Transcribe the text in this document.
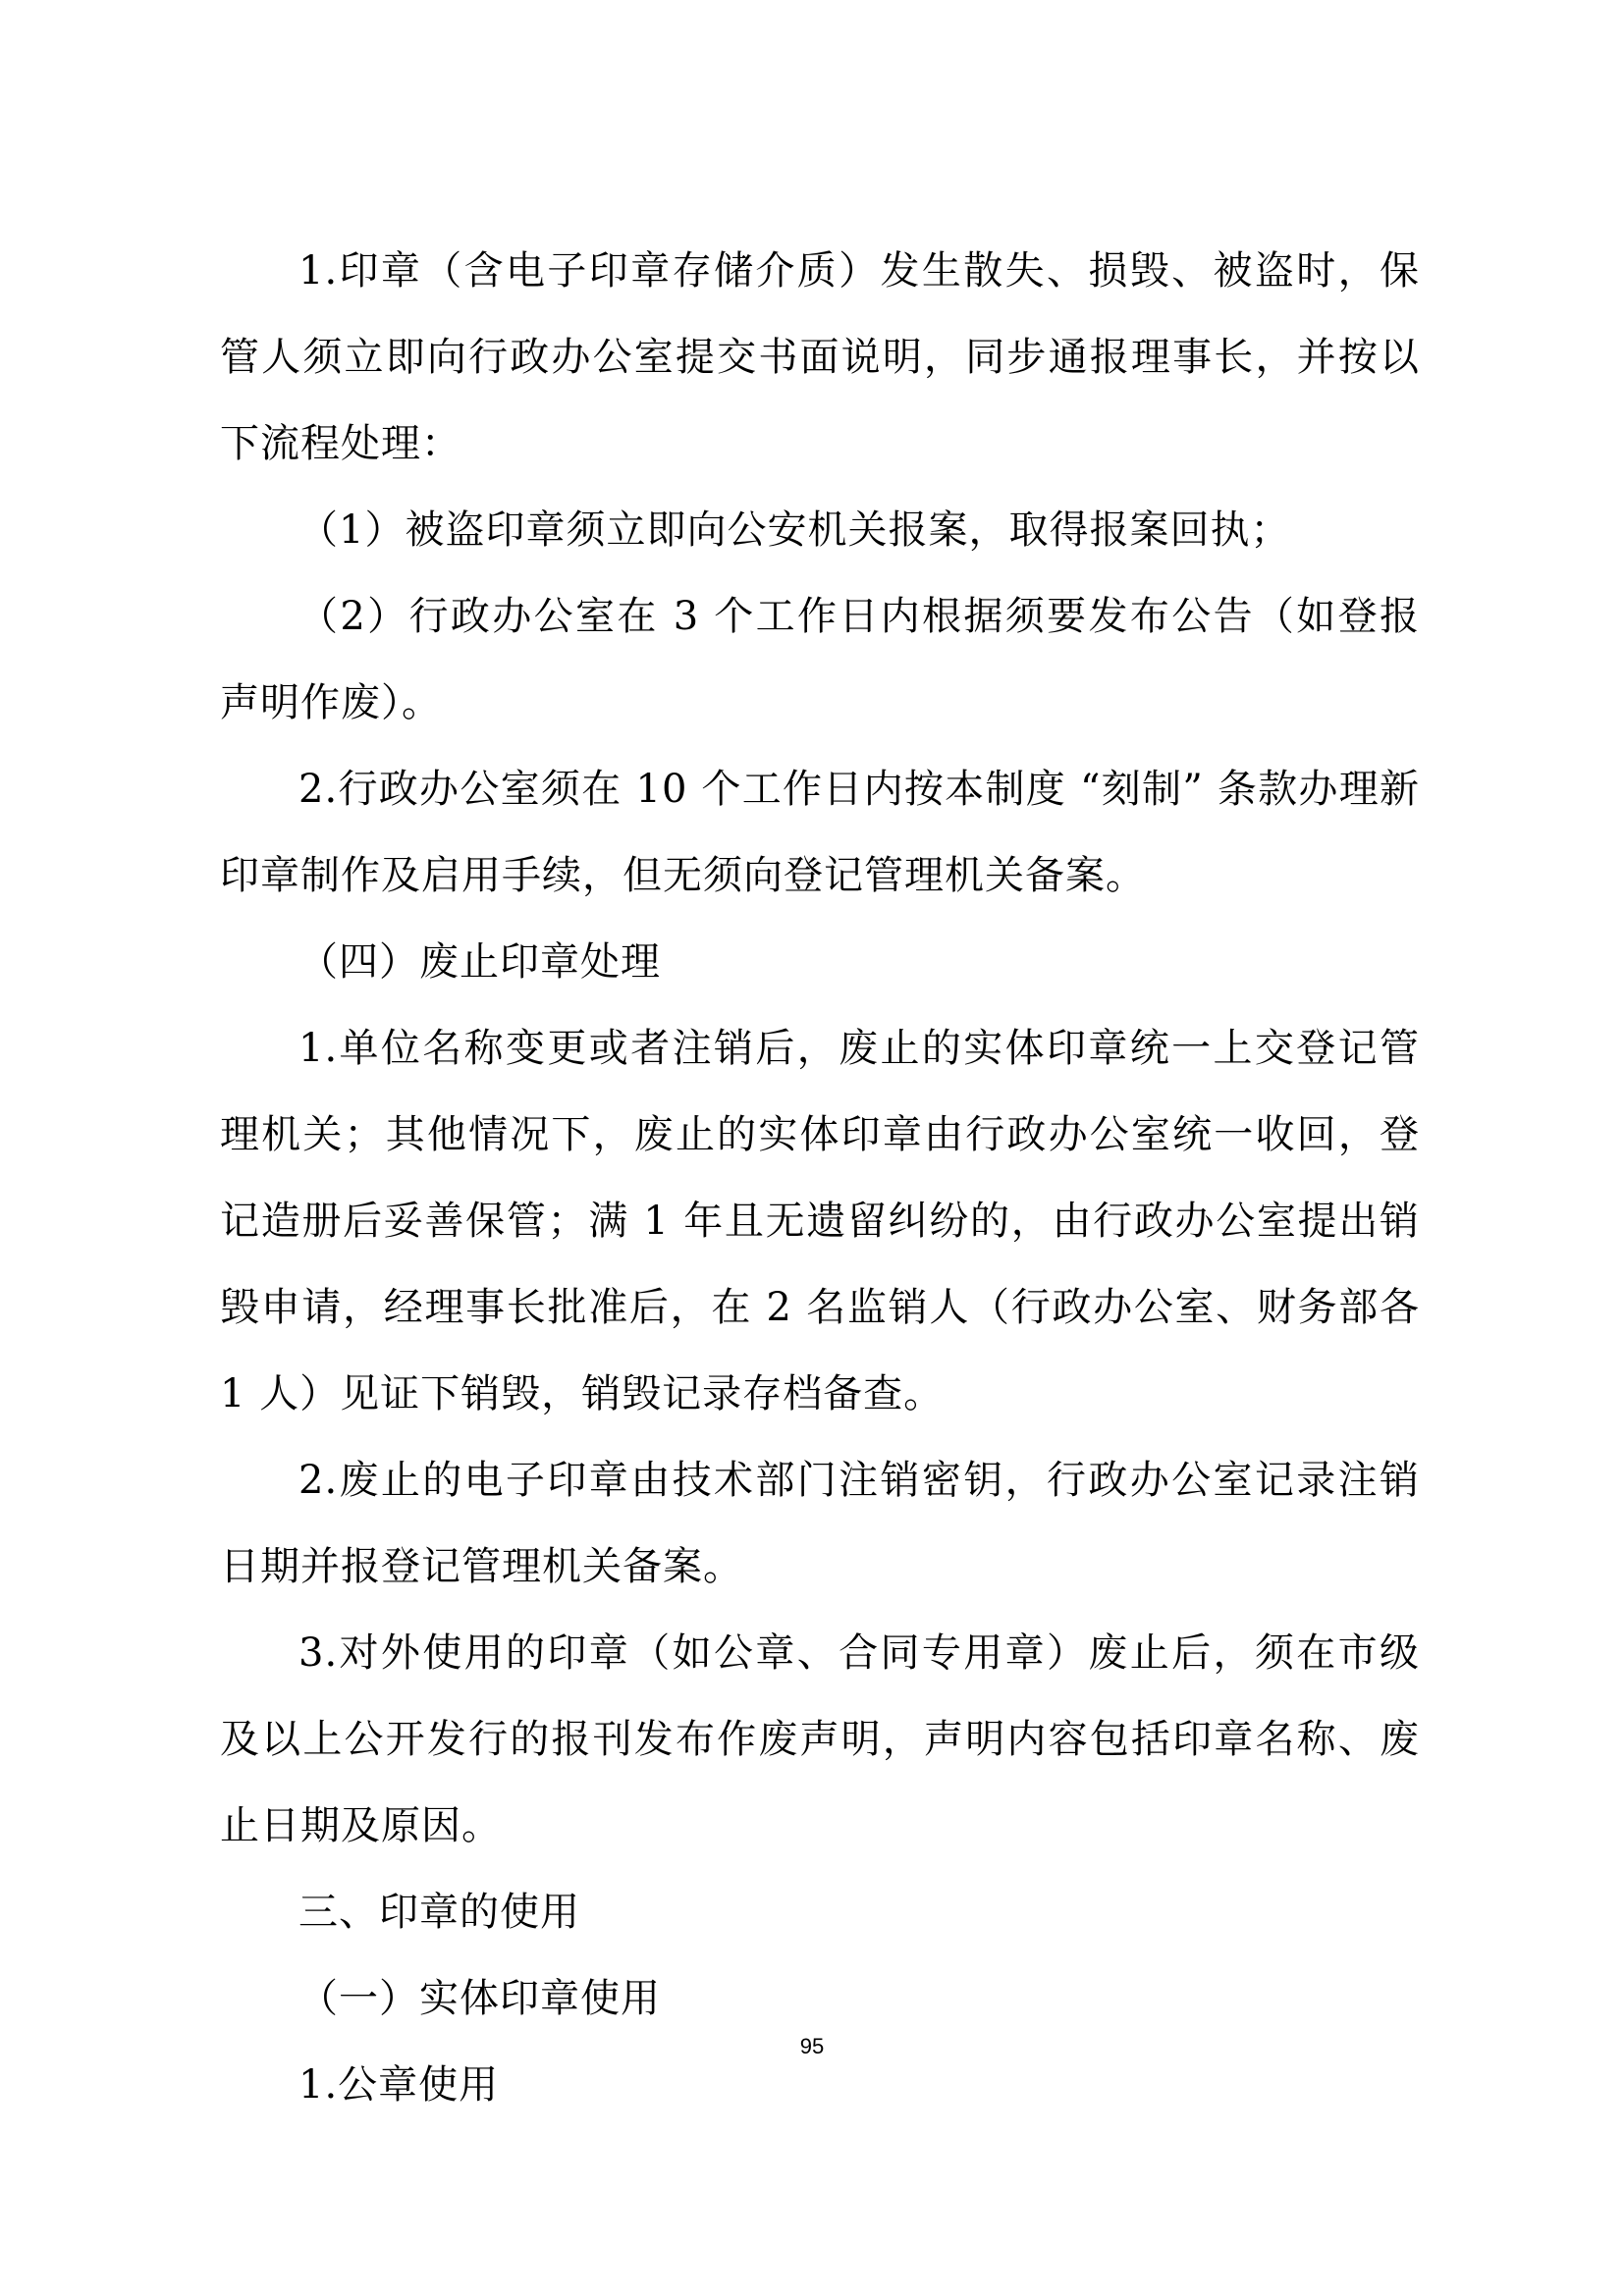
1.印章（含电子印章存储介质）发生散失、损毁、被盗时，保管人须立即向行政办公室提交书面说明，同步通报理事长，并按以下流程处理：

（1）被盗印章须立即向公安机关报案，取得报案回执；

（2）行政办公室在 3 个工作日内根据须要发布公告（如登报声明作废）。

2.行政办公室须在 10 个工作日内按本制度 “刻制” 条款办理新印章制作及启用手续，但无须向登记管理机关备案。

（四）废止印章处理

1.单位名称变更或者注销后，废止的实体印章统一上交登记管理机关；其他情况下，废止的实体印章由行政办公室统一收回，登记造册后妥善保管；满 1 年且无遗留纠纷的，由行政办公室提出销毁申请，经理事长批准后，在 2 名监销人（行政办公室、财务部各 1 人）见证下销毁，销毁记录存档备查。

2.废止的电子印章由技术部门注销密钥，行政办公室记录注销日期并报登记管理机关备案。

3.对外使用的印章（如公章、合同专用章）废止后，须在市级及以上公开发行的报刊发布作废声明，声明内容包括印章名称、废止日期及原因。

三、印章的使用

（一）实体印章使用

1.公章使用

95
